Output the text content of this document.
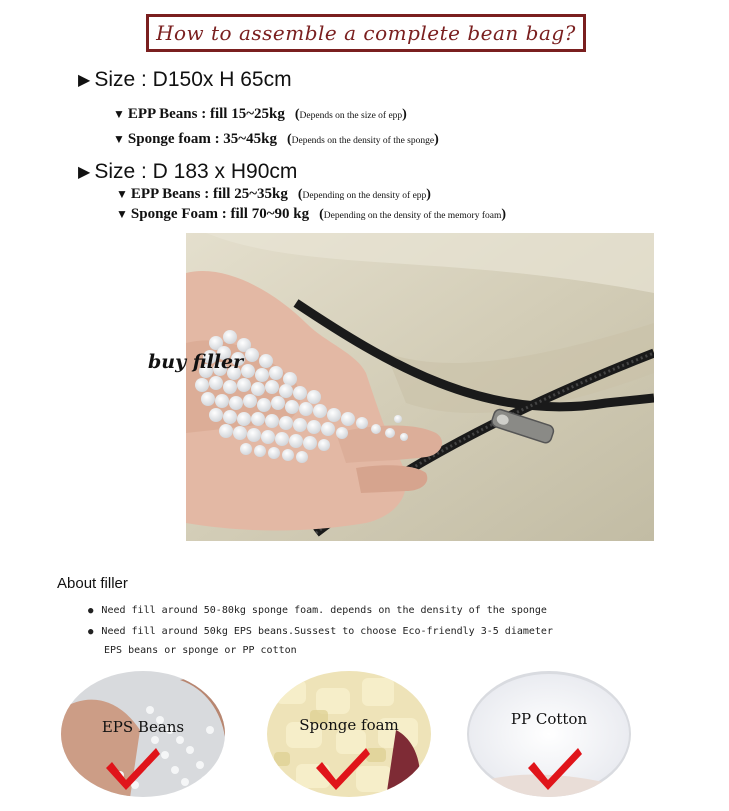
How to assemble a complete bean bag?
▶ Size : D150x H 65cm
▼ EPP Beans : fill 15~25kg (Depends on the size of epp)
▼ Sponge foam : 35~45kg (Depends on the density of the sponge)
▶ Size : D 183 x H90cm
▼ EPP Beans : fill 25~35kg (Depending on the density of epp)
▼ Sponge Foam : fill 70~90 kg (Depending on the density of the memory foam)
buy filler
About filler
● Need fill around 50-80kg sponge foam. depends on the density of the sponge
● Need fill around 50kg EPS beans.Sussest to choose Eco-friendly 3-5 diameter
EPS beans or sponge or PP cotton
EPS Beans	Sponge foam	PP Cotton
